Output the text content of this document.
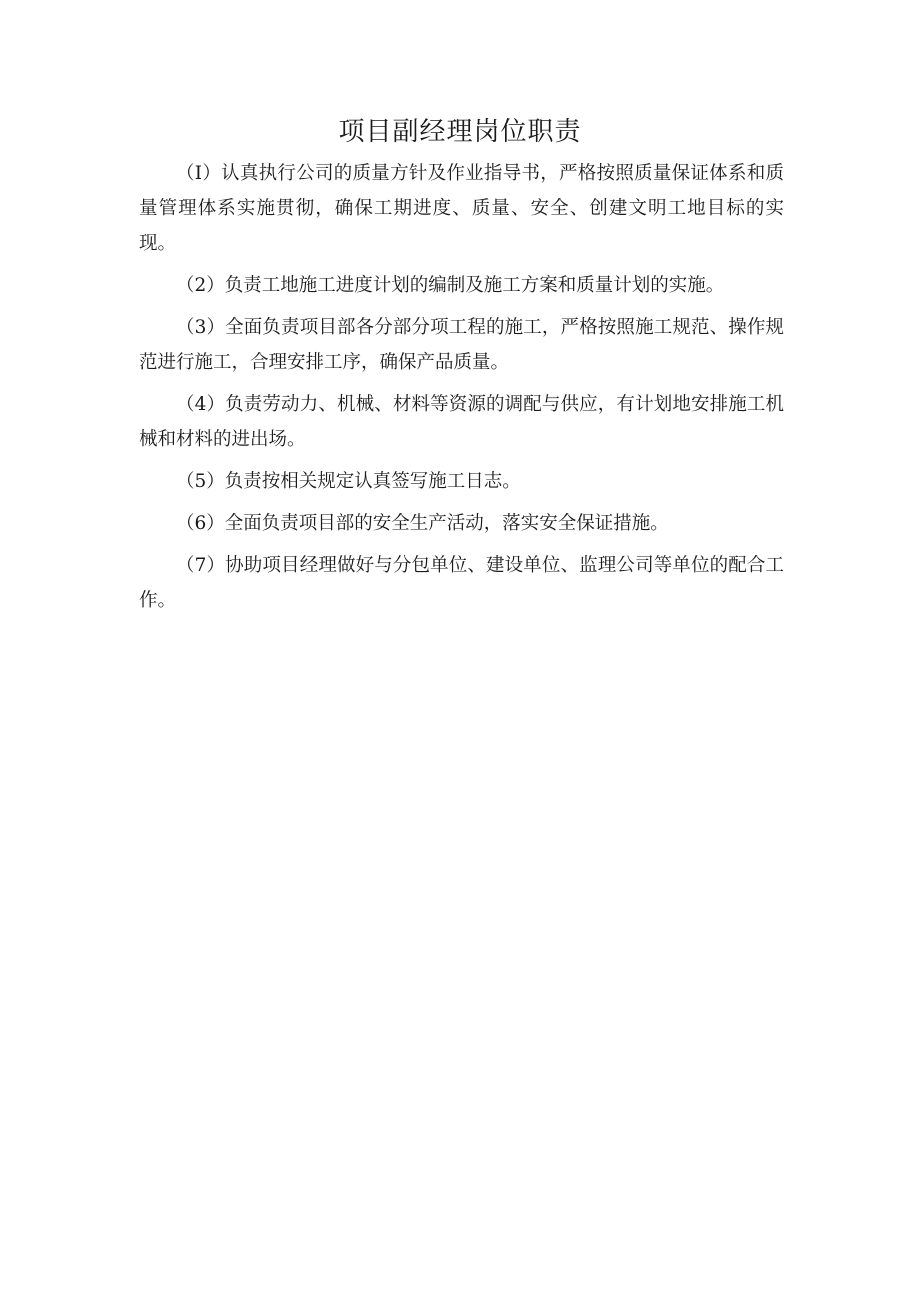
项目副经理岗位职责

（I）认真执行公司的质量方针及作业指导书，严格按照质量保证体系和质量管理体系实施贯彻，确保工期进度、质量、安全、创建文明工地目标的实现。

（2）负责工地施工进度计划的编制及施工方案和质量计划的实施。

（3）全面负责项目部各分部分项工程的施工，严格按照施工规范、操作规范进行施工，合理安排工序，确保产品质量。

（4）负责劳动力、机械、材料等资源的调配与供应，有计划地安排施工机械和材料的进出场。

（5）负责按相关规定认真签写施工日志。

（6）全面负责项目部的安全生产活动，落实安全保证措施。

（7）协助项目经理做好与分包单位、建设单位、监理公司等单位的配合工作。
